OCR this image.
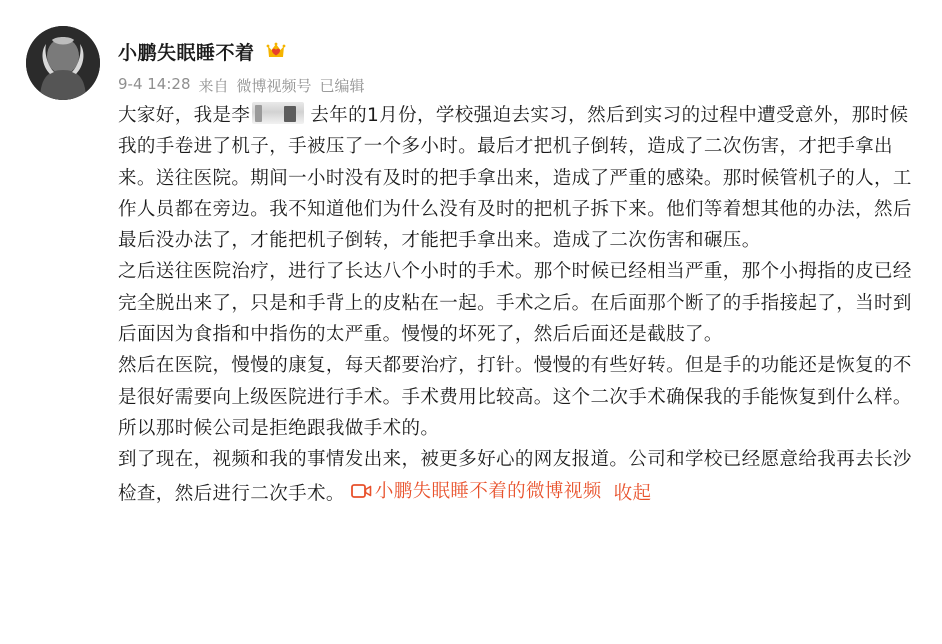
小鹏失眠睡不着
9-4 14:28 来自 微博视频号 已编辑

大家好，我是李	去年的1月份，学校强迫去实习，然后到实习的过程中遭受意外，那时候我的手卷进了机子，手被压了一个多小时。最后才把机子倒转，造成了二次伤害，才把手拿出来。送往医院。期间一小时没有及时的把手拿出来，造成了严重的感染。那时候管机子的人，工作人员都在旁边。我不知道他们为什么没有及时的把机子拆下来。他们等着想其他的办法，然后最后没办法了，才能把机子倒转，才能把手拿出来。造成了二次伤害和碾压。

之后送往医院治疗，进行了长达八个小时的手术。那个时候已经相当严重，那个小拇指的皮已经完全脱出来了，只是和手背上的皮粘在一起。手术之后。在后面那个断了的手指接起了，当时到后面因为食指和中指伤的太严重。慢慢的坏死了，然后后面还是截肢了。

然后在医院，慢慢的康复，每天都要治疗，打针。慢慢的有些好转。但是手的功能还是恢复的不是很好需要向上级医院进行手术。手术费用比较高。这个二次手术确保我的手能恢复到什么样。所以那时候公司是拒绝跟我做手术的。

到了现在，视频和我的事情发出来，被更多好心的网友报道。公司和学校已经愿意给我再去长沙检查，然后进行二次手术。 小鹏失眠睡不着的微博视频 收起
